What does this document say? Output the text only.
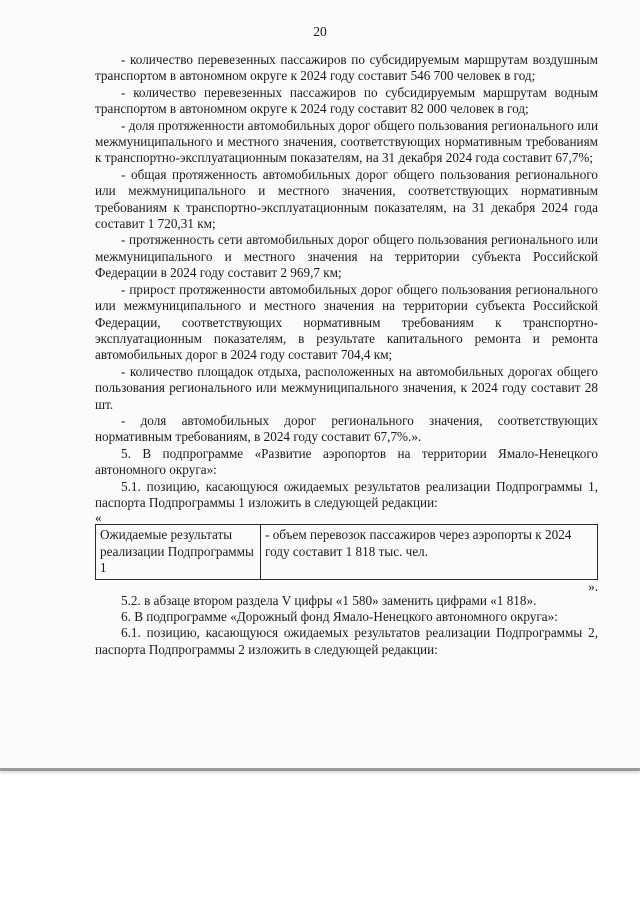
20

- количество перевезенных пассажиров по субсидируемым маршрутам воздушным транспортом в автономном округе к 2024 году составит 546 700 человек в год;

- количество перевезенных пассажиров по субсидируемым маршрутам водным транспортом в автономном округе к 2024 году составит 82 000 человек в год;

- доля протяженности автомобильных дорог общего пользования регионального или межмуниципального и местного значения, соответствующих нормативным требованиям к транспортно-эксплуатационным показателям, на 31 декабря 2024 года составит 67,7%;

- общая протяженность автомобильных дорог общего пользования регионального или межмуниципального и местного значения, соответствующих нормативным требованиям к транспортно-эксплуатационным показателям, на 31 декабря 2024 года составит 1 720,31 км;

- протяженность сети автомобильных дорог общего пользования регионального или межмуниципального и местного значения на территории субъекта Российской Федерации в 2024 году составит 2 969,7 км;

- прирост протяженности автомобильных дорог общего пользования регионального или межмуниципального и местного значения на территории субъекта Российской Федерации, соответствующих нормативным требованиям к транспортно-эксплуатационным показателям, в результате капитального ремонта и ремонта автомобильных дорог в 2024 году составит 704,4 км;

- количество площадок отдыха, расположенных на автомобильных дорогах общего пользования регионального или межмуниципального значения, к 2024 году составит 28 шт.

- доля автомобильных дорог регионального значения, соответствующих нормативным требованиям, в 2024 году составит 67,7%.».

5. В подпрограмме «Развитие аэропортов на территории Ямало-Ненецкого автономного округа»:

5.1. позицию, касающуюся ожидаемых результатов реализации Подпрограммы 1, паспорта Подпрограммы 1 изложить в следующей редакции:

«

Ожидаемые результаты реализации Подпрограммы 1	- объем перевозок пассажиров через аэропорты к 2024 году составит 1 818 тыс. чел.

».

5.2. в абзаце втором раздела V цифры «1 580» заменить цифрами «1 818».

6. В подпрограмме «Дорожный фонд Ямало-Ненецкого автономного округа»:

6.1. позицию, касающуюся ожидаемых результатов реализации Подпрограммы 2, паспорта Подпрограммы 2 изложить в следующей редакции:
